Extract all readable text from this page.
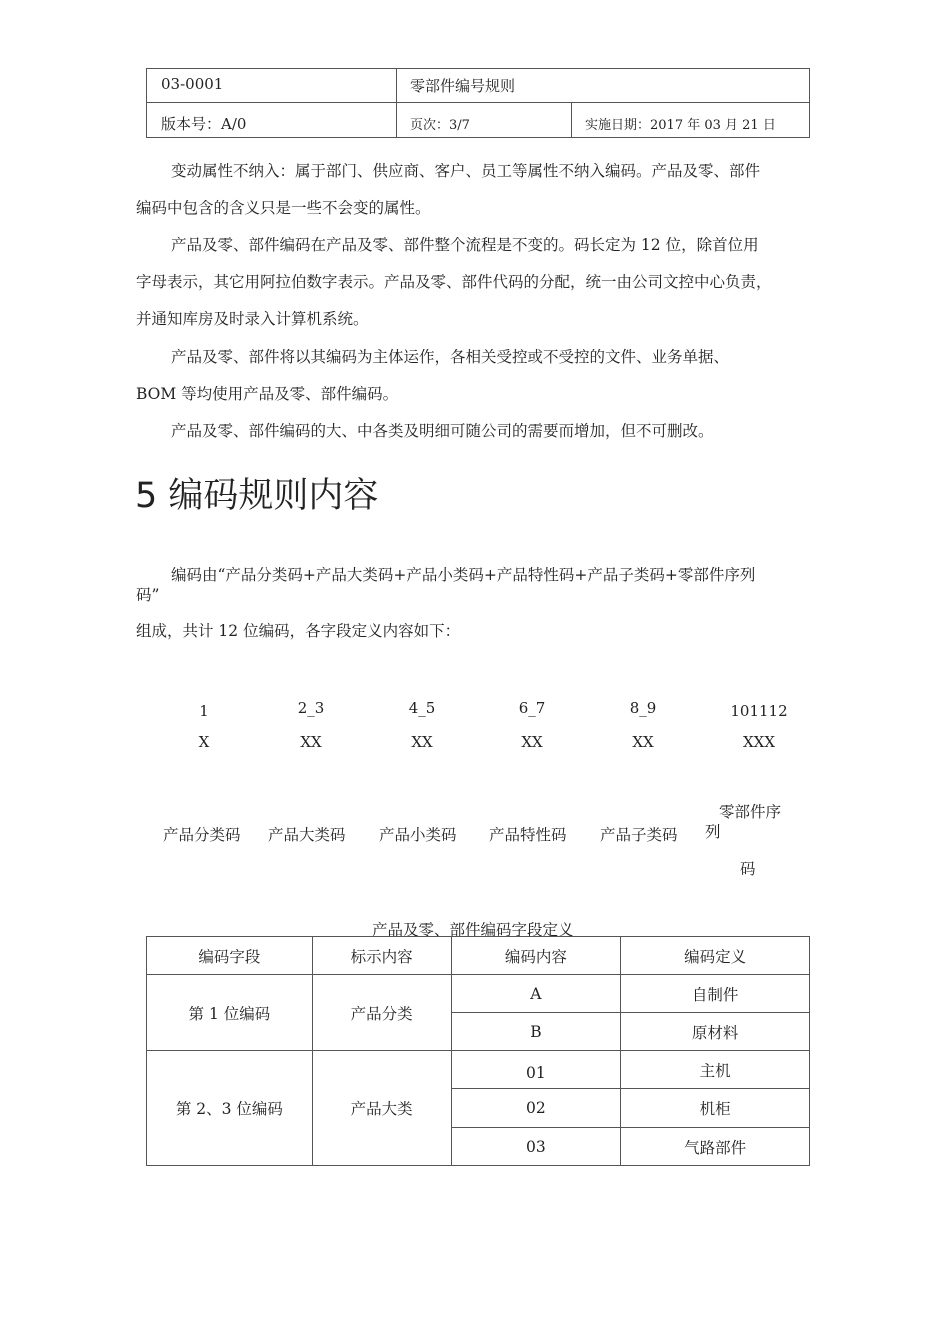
03-0001	零部件编号规则
版本号：A/0	页次：3/7	实施日期：2017 年 03 月 21 日
变动属性不纳入：属于部门、供应商、客户、员工等属性不纳入编码。产品及零、部件
编码中包含的含义只是一些不会变的属性。
产品及零、部件编码在产品及零、部件整个流程是不变的。码长定为 12 位，除首位用
字母表示，其它用阿拉伯数字表示。产品及零、部件代码的分配，统一由公司文控中心负责，
并通知库房及时录入计算机系统。
产品及零、部件将以其编码为主体运作，各相关受控或不受控的文件、业务单据、
BOM 等均使用产品及零、部件编码。
产品及零、部件编码的大、中各类及明细可随公司的需要而增加，但不可删改。
5 编码规则内容
编码由“产品分类码+产品大类码+产品小类码+产品特性码+产品子类码+零部件序列
码”
组成，共计 12 位编码，各字段定义内容如下：
1	2_3	4_5	6_7	8_9	101112
X	XX	XX	XX	XX	XXX
产品分类码 产品大类码 产品小类码 产品特性码 产品子类码
零部件序
列
码
产品及零、部件编码字段定义
编码字段	标示内容	编码内容	编码定义
第 1 位编码	产品分类	A	自制件
		B	原材料
第 2、3 位编码	产品大类	01	主机
		02	机柜
		03	气路部件
